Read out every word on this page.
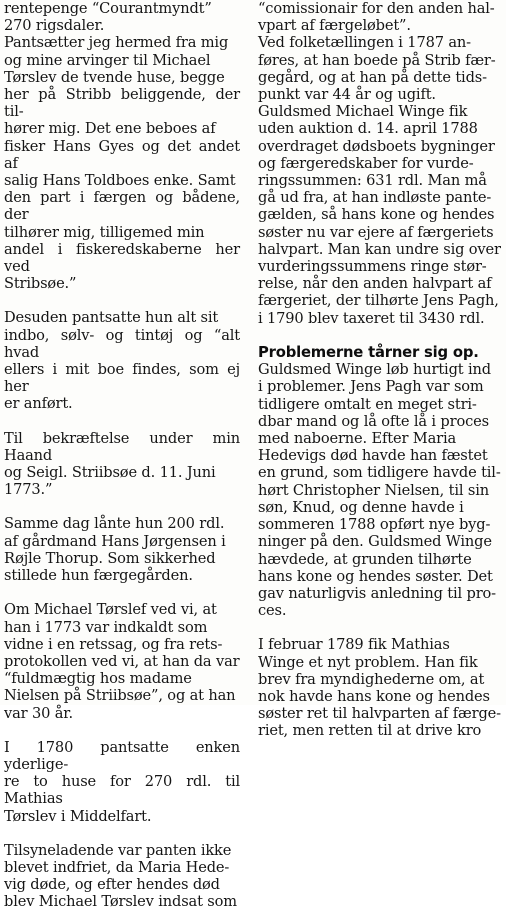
rentepenge “Courantmyndt”
270 rigsdaler.

Pantsætter jeg hermed fra mig
og mine arvinger til Michael
Tørslev de tvende huse, begge
her på Stribb beliggende, der til-
hører mig. Det ene beboes af
fisker Hans Gyes og det andet af
salig Hans Toldboes enke. Samt
den part i færgen og bådene, der
tilhører mig, tilligemed min
andel i fiskeredskaberne her ved
Stribsøe.”

Desuden pantsatte hun alt sit
indbo, sølv- og tintøj og “alt hvad
ellers i mit boe findes, som ej her
er anført.

Til bekræftelse under min Haand
og Seigl. Striibsøe d. 11. Juni
1773.”

Samme dag lånte hun 200 rdl.
af gårdmand Hans Jørgensen i
Røjle Thorup. Som sikkerhed
stillede hun færgegården.

Om Michael Tørslef ved vi, at
han i 1773 var indkaldt som
vidne i en retssag, og fra rets-
protokollen ved vi, at han da var
“fuldmægtig hos madame
Nielsen på Striibsøe”, og at han
var 30 år.

I 1780 pantsatte enken yderlige-
re to huse for 270 rdl. til Mathias
Tørslev i Middelfart.

Tilsyneladende var panten ikke
blevet indfriet, da Maria Hede-
vig døde, og efter hendes død
blev Michael Tørslev indsat som

“comissionair for den anden hal-
vpart af færgeløbet”.

Ved folketællingen i 1787 an-
føres, at han boede på Strib fær-
gegård, og at han på dette tids-
punkt var 44 år og ugift.

Guldsmed Michael Winge fik
uden auktion d. 14. april 1788
overdraget dødsboets bygninger
og færgeredskaber for vurde-
ringssummen: 631 rdl. Man må
gå ud fra, at han indløste pante-
gælden, så hans kone og hendes
søster nu var ejere af færgeriets
halvpart. Man kan undre sig over
vurderingssummens ringe stør-
relse, når den anden halvpart af
færgeriet, der tilhørte Jens Pagh,
i 1790 blev taxeret til 3430 rdl.

Problemerne tårner sig op.

Guldsmed Winge løb hurtigt ind
i problemer. Jens Pagh var som
tidligere omtalt en meget stri-
dbar mand og lå ofte lå i proces
med naboerne. Efter Maria
Hedevigs død havde han fæstet
en grund, som tidligere havde til-
hørt Christopher Nielsen, til sin
søn, Knud, og denne havde i
sommeren 1788 opført nye byg-
ninger på den. Guldsmed Winge
hævdede, at grunden tilhørte
hans kone og hendes søster. Det
gav naturligvis anledning til pro-
ces.

I februar 1789 fik Mathias
Winge et nyt problem. Han fik
brev fra myndighederne om, at
nok havde hans kone og hendes
søster ret til halvparten af færge-
riet, men retten til at drive kro
